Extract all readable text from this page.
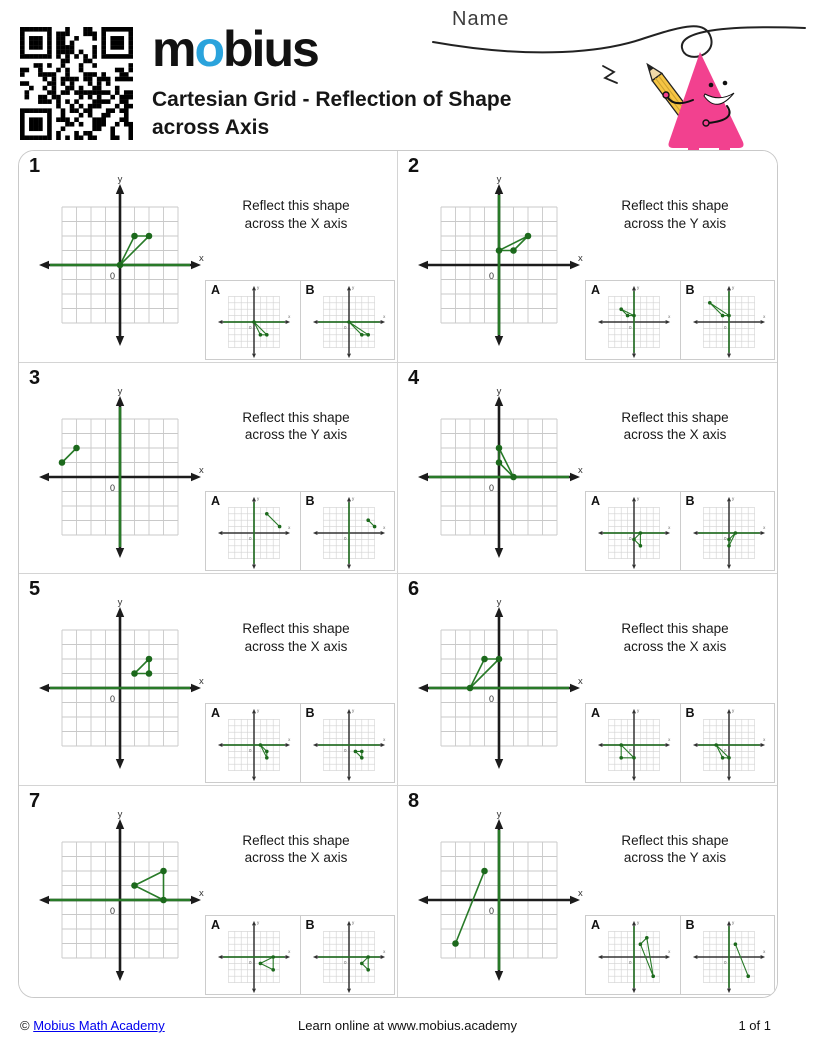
mobius
Cartesian Grid - Reflection of Shape across Axis
Name
1
y
x
0
Reflect this shape
across the X axis
A	y
x
0
B	y
x
0
2
y
x
0
Reflect this shape
across the Y axis
A	y
x
0
B	y
x
0
3
y
x
0
Reflect this shape
across the Y axis
A	y
x
0
B	y
x
0
4
y
x
0
Reflect this shape
across the X axis
A	y
x
0
B	y
x
0
5
y
x
0
Reflect this shape
across the X axis
A	y
x
0
B	y
x
0
6
y
x
0
Reflect this shape
across the X axis
A	y
x
0
B	y
x
0
7
y
x
0
Reflect this shape
across the X axis
A	y
x
0
B	y
x
0
8
y
x
0
Reflect this shape
across the Y axis
A	y
x
0
B	y
x
0
© Mobius Math Academy	Learn online at www.mobius.academy	1 of 1
